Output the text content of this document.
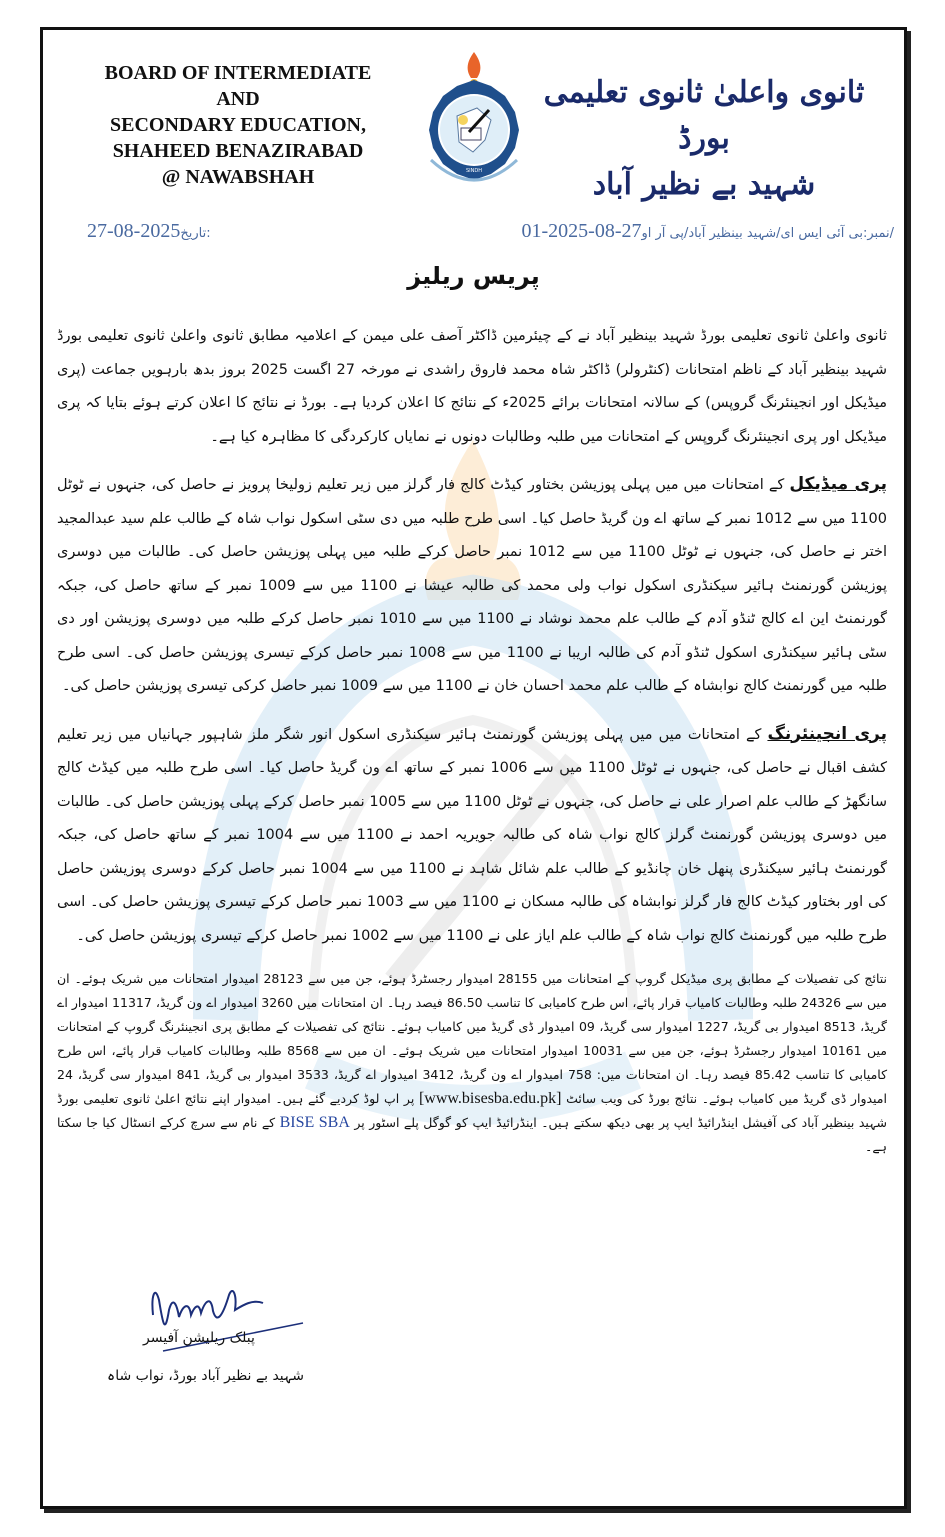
BOARD OF INTERMEDIATE
AND
SECONDARY EDUCATION,
SHAHEED BENAZIRABAD
@ NAWABSHAH	SINDH
ثانوی واعلیٰ ثانوی تعلیمی بورڈ
شہید بے نظیر آباد
27-08-2025تاریخ:	01-2025-08-27نمبر:بی آئی ایس ای/شہید بینظیر آباد/پی آر او/
پریس ریلیز

ثانوی واعلیٰ ثانوی تعلیمی بورڈ شہید بینظیر آباد نے کے چیئرمین ڈاکٹر آصف علی میمن کے اعلامیہ مطابق ثانوی واعلیٰ ثانوی تعلیمی بورڈ شہید بینظیر آباد کے ناظم امتحانات (کنٹرولر) ڈاکٹر شاہ محمد فاروق راشدی نے مورخہ 27 اگست 2025 بروز بدھ بارہویں جماعت (پری میڈیکل اور انجینئرنگ گروپس) کے سالانہ امتحانات برائے 2025ء کے نتائج کا اعلان کردیا ہے۔ بورڈ نے نتائج کا اعلان کرتے ہوئے بتایا کہ پری میڈیکل اور پری انجینئرنگ گروپس کے امتحانات میں طلبہ وطالبات دونوں نے نمایاں کارکردگی کا مظاہرہ کیا ہے۔

پری میڈیکل کے امتحانات میں میں پہلی پوزیشن بختاور کیڈٹ کالج فار گرلز میں زیر تعلیم زولیخا پرویز نے حاصل کی، جنہوں نے ٹوٹل 1100 میں سے 1012 نمبر کے ساتھ اے ون گریڈ حاصل کیا۔ اسی طرح طلبہ میں دی سٹی اسکول نواب شاہ کے طالب علم سید عبدالمجید اختر نے حاصل کی، جنہوں نے ٹوٹل 1100 میں سے 1012 نمبر حاصل کرکے طلبہ میں پہلی پوزیشن حاصل کی۔ طالبات میں دوسری پوزیشن گورنمنٹ ہائیر سیکنڈری اسکول نواب ولی محمد کی طالبہ عیشا نے 1100 میں سے 1009 نمبر کے ساتھ حاصل کی، جبکہ گورنمنٹ این اے کالج ٹنڈو آدم کے طالب علم محمد نوشاد نے 1100 میں سے 1010 نمبر حاصل کرکے طلبہ میں دوسری پوزیشن اور دی سٹی ہائیر سیکنڈری اسکول ٹنڈو آدم کی طالبہ اریبا نے 1100 میں سے 1008 نمبر حاصل کرکے تیسری پوزیشن حاصل کی۔ اسی طرح طلبہ میں گورنمنٹ کالج نوابشاہ کے طالب علم محمد احسان خان نے 1100 میں سے 1009 نمبر حاصل کرکی تیسری پوزیشن حاصل کی۔

پری انجینئرنگ کے امتحانات میں میں پہلی پوزیشن گورنمنٹ ہائیر سیکنڈری اسکول انور شگر ملز شاہپور جہانیاں میں زیر تعلیم کشف اقبال نے حاصل کی، جنہوں نے ٹوٹل 1100 میں سے 1006 نمبر کے ساتھ اے ون گریڈ حاصل کیا۔ اسی طرح طلبہ میں کیڈٹ کالج سانگھڑ کے طالب علم اصرار علی نے حاصل کی، جنہوں نے ٹوٹل 1100 میں سے 1005 نمبر حاصل کرکے پہلی پوزیشن حاصل کی۔ طالبات میں دوسری پوزیشن گورنمنٹ گرلز کالج نواب شاہ کی طالبہ جویریہ احمد نے 1100 میں سے 1004 نمبر کے ساتھ حاصل کی، جبکہ گورنمنٹ ہائیر سیکنڈری پنھل خان چانڈیو کے طالب علم شائل شاہد نے 1100 میں سے 1004 نمبر حاصل کرکے دوسری پوزیشن حاصل کی اور بختاور کیڈٹ کالج فار گرلز نوابشاہ کی طالبہ مسکان نے 1100 میں سے 1003 نمبر حاصل کرکے تیسری پوزیشن حاصل کی۔ اسی طرح طلبہ میں گورنمنٹ کالج نواب شاہ کے طالب علم ایاز علی نے 1100 میں سے 1002 نمبر حاصل کرکے تیسری پوزیشن حاصل کی۔

نتائج کی تفصیلات کے مطابق پری میڈیکل گروپ کے امتحانات میں 28155 امیدوار رجسٹرڈ ہوئے، جن میں سے 28123 امیدوار امتحانات میں شریک ہوئے۔ ان میں سے 24326 طلبہ وطالبات کامیاب قرار پائے، اس طرح کامیابی کا تناسب 86.50 فیصد رہا۔ ان امتحانات میں 3260 امیدوار اے ون گریڈ، 11317 امیدوار اے گریڈ، 8513 امیدوار بی گریڈ، 1227 امیدوار سی گریڈ، 09 امیدوار ڈی گریڈ میں کامیاب ہوئے۔ نتائج کی تفصیلات کے مطابق پری انجینئرنگ گروپ کے امتحانات میں 10161 امیدوار رجسٹرڈ ہوئے، جن میں سے 10031 امیدوار امتحانات میں شریک ہوئے۔ ان میں سے 8568 طلبہ وطالبات کامیاب قرار پائے، اس طرح کامیابی کا تناسب 85.42 فیصد رہا۔ ان امتحانات میں: 758 امیدوار اے ون گریڈ، 3412 امیدوار اے گریڈ، 3533 امیدوار بی گریڈ، 841 امیدوار سی گریڈ، 24 امیدوار ڈی گریڈ میں کامیاب ہوئے۔ نتائج بورڈ کی ویب سائٹ [www.bisesba.edu.pk] پر اپ لوڈ کردیے گئے ہیں۔ امیدوار اپنے نتائج اعلیٰ ثانوی تعلیمی بورڈ شہید بینظیر آباد کی آفیشل اینڈرائیڈ ایپ پر بھی دیکھ سکتے ہیں۔ اینڈرائیڈ ایپ کو گوگل پلے اسٹور پر BISE SBA کے نام سے سرچ کرکے انسٹال کیا جا سکتا ہے۔

پبلک ریلیشن آفیسر
شہید بے نظیر آباد بورڈ، نواب شاہ
